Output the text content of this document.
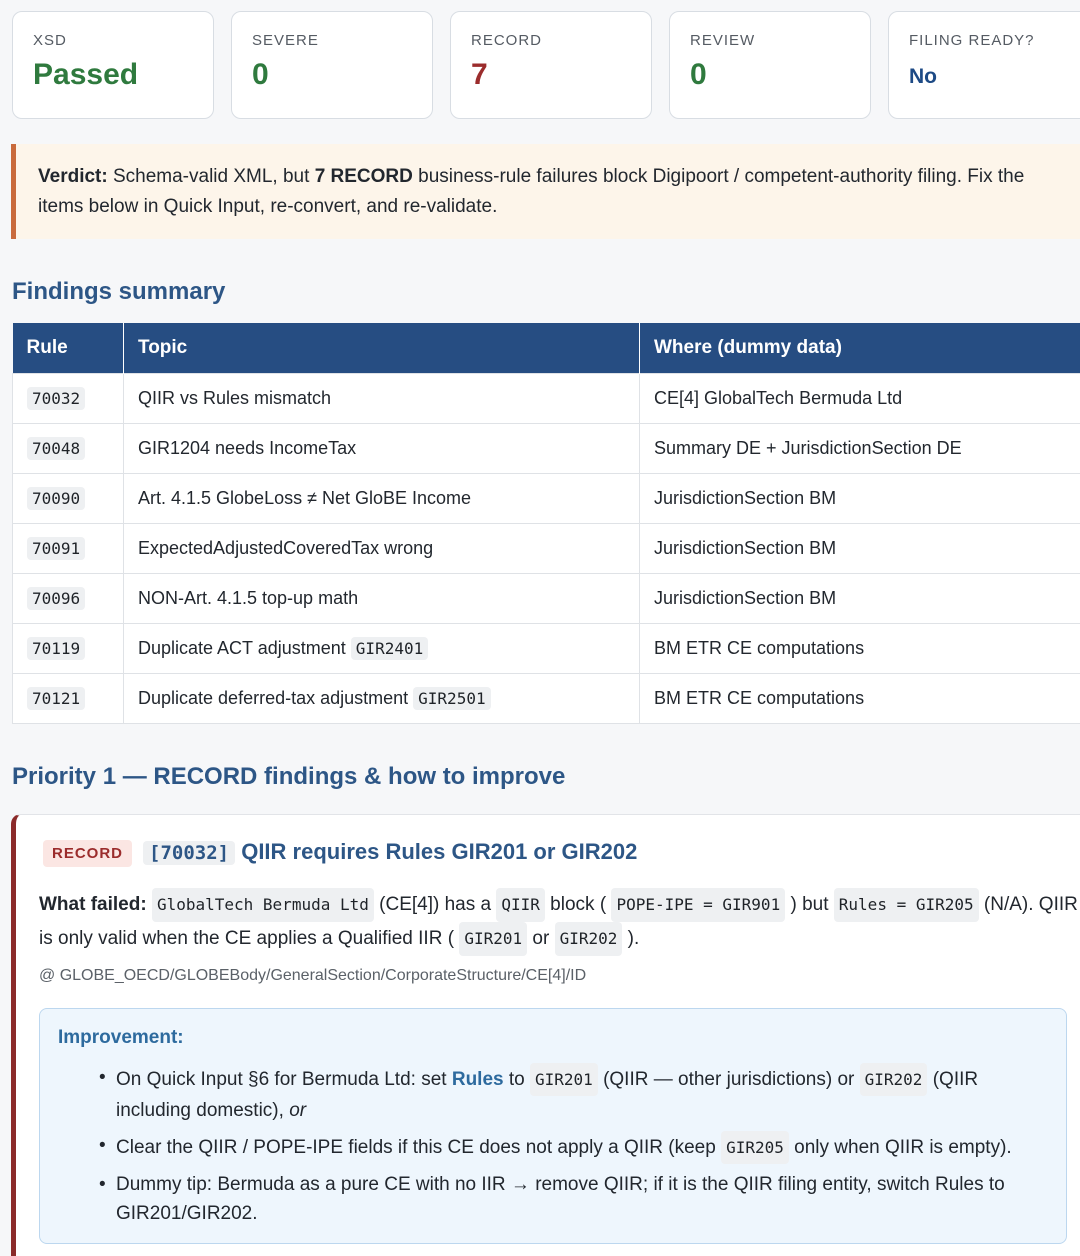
XSD
Passed
SEVERE
0
RECORD
7
REVIEW
0
FILING READY?
No
Verdict: Schema-valid XML, but 7 RECORD business-rule failures block Digipoort / competent-authority filing. Fix the items below in Quick Input, re-convert, and re-validate.
Findings summary
Rule	Topic	Where (dummy data)
70032	QIIR vs Rules mismatch	CE[4] GlobalTech Bermuda Ltd
70048	GIR1204 needs IncomeTax	Summary DE + JurisdictionSection DE
70090	Art. 4.1.5 GlobeLoss ≠ Net GloBE Income	JurisdictionSection BM
70091	ExpectedAdjustedCoveredTax wrong	JurisdictionSection BM
70096	NON-Art. 4.1.5 top-up math	JurisdictionSection BM
70119	Duplicate ACT adjustment GIR2401	BM ETR CE computations
70121	Duplicate deferred-tax adjustment GIR2501	BM ETR CE computations
Priority 1 — RECORD findings & how to improve
RECORD	[70032] QIIR requires Rules GIR201 or GIR202
What failed: GlobalTech Bermuda Ltd (CE[4]) has a QIIR block ( POPE-IPE = GIR901 ) but Rules = GIR205 (N/A). QIIR is only valid when the CE applies a Qualified IIR ( GIR201 or GIR202 ).
@ GLOBE_OECD/GLOBEBody/GeneralSection/CorporateStructure/CE[4]/ID
Improvement:
• On Quick Input §6 for Bermuda Ltd: set Rules to GIR201 (QIIR — other jurisdictions) or GIR202 (QIIR including domestic), or
• Clear the QIIR / POPE-IPE fields if this CE does not apply a QIIR (keep GIR205 only when QIIR is empty).
• Dummy tip: Bermuda as a pure CE with no IIR → remove QIIR; if it is the QIIR filing entity, switch Rules to GIR201/GIR202.
